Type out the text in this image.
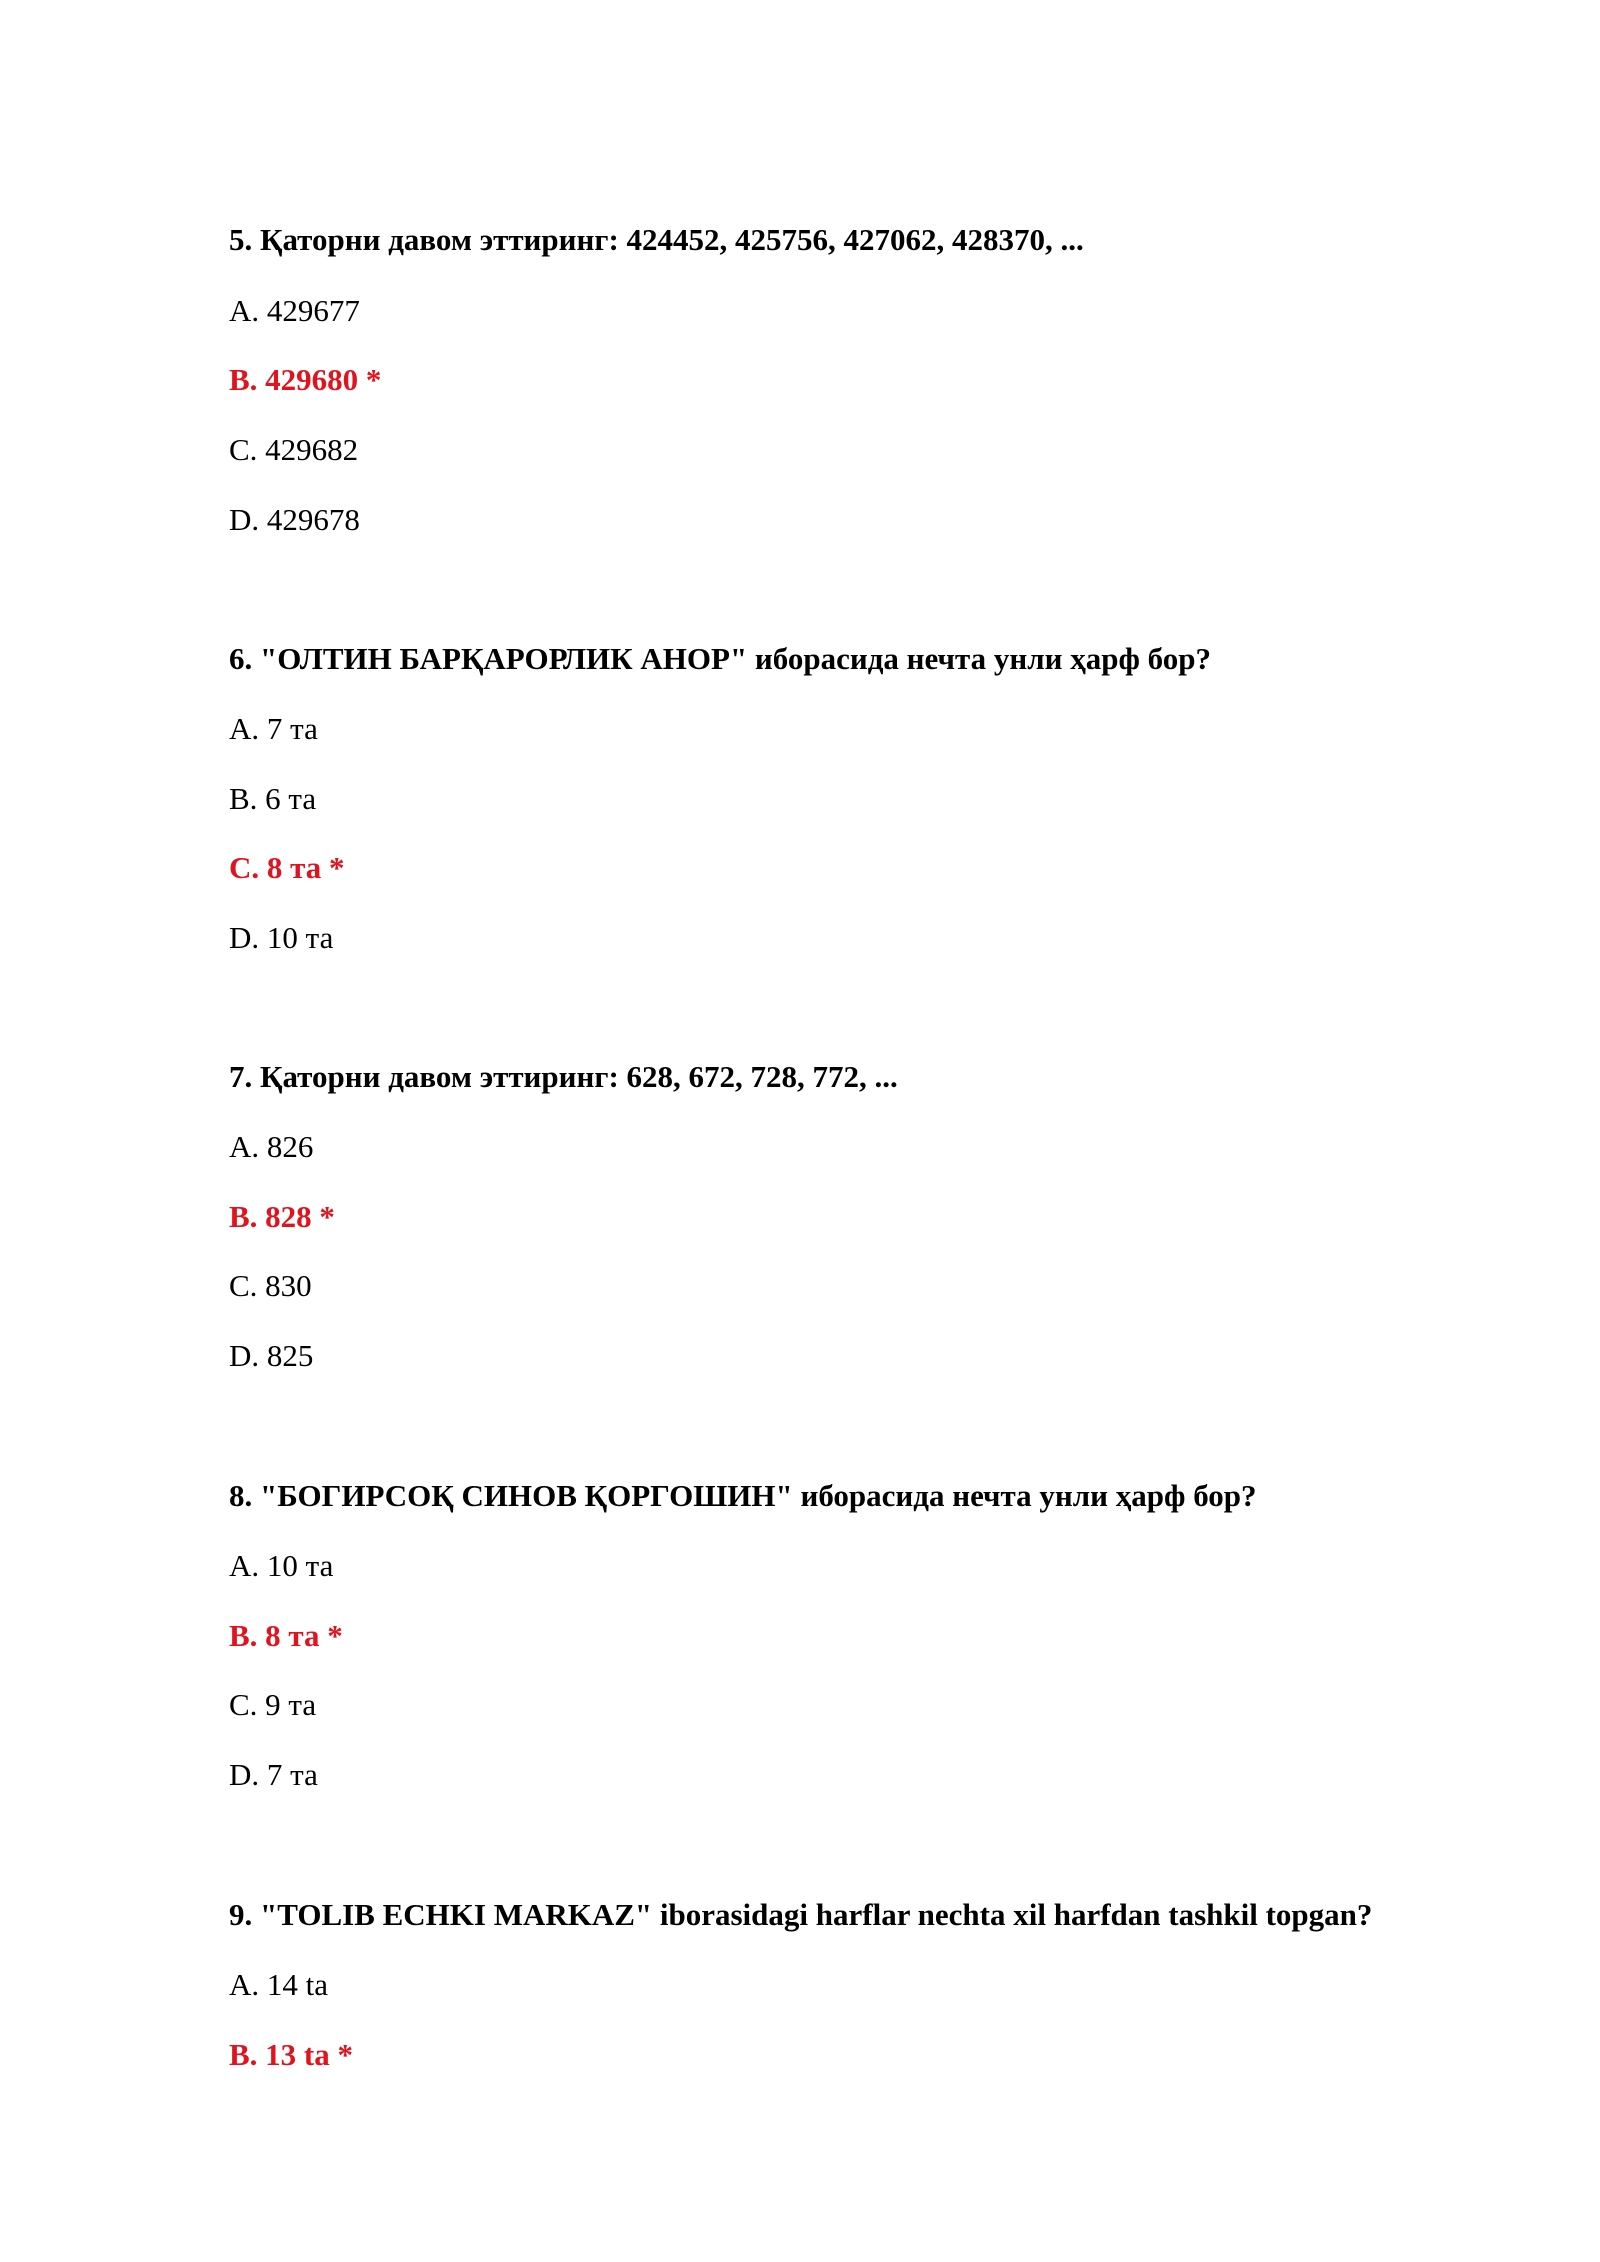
5. Қаторни давом эттиринг: 424452, 425756, 427062, 428370, ...
A. 429677
B. 429680 *
C. 429682
D. 429678
6. "ОЛТИН БАРҚАРОРЛИК АНОР" иборасида нечта унли ҳарф бор?
A. 7 та
B. 6 та
C. 8 та *
D. 10 та
7. Қаторни давом эттиринг: 628, 672, 728, 772, ...
A. 826
B. 828 *
C. 830
D. 825
8. "БОГИРСОҚ СИНОВ ҚОРГОШИН" иборасида нечта унли ҳарф бор?
A. 10 та
B. 8 та *
C. 9 та
D. 7 та
9. "TOLIB ECHKI MARKAZ" iborasidagi harflar nechta xil harfdan tashkil topgan?
A. 14 ta
B. 13 ta *
